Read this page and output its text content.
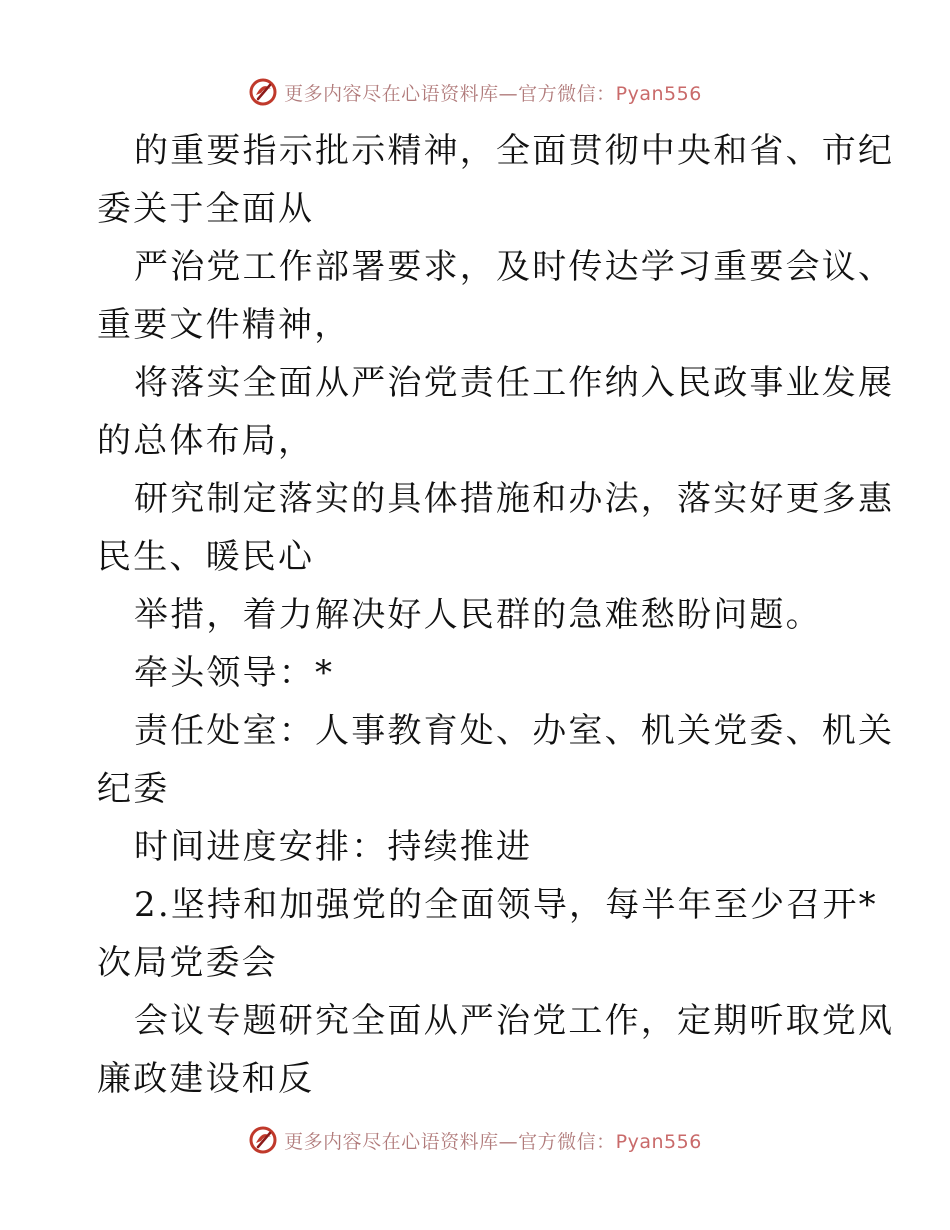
更多内容尽在心语资料库—官方微信：Pyan556
的重要指示批示精神，全面贯彻中央和省、市纪
委关于全面从
严治党工作部署要求，及时传达学习重要会议、
重要文件精神，
将落实全面从严治党责任工作纳入民政事业发展
的总体布局，
研究制定落实的具体措施和办法，落实好更多惠
民生、暖民心
举措，着力解决好人民群的急难愁盼问题。
牵头领导：*
责任处室：人事教育处、办室、机关党委、机关
纪委
时间进度安排：持续推进
2.坚持和加强党的全面领导，每半年至少召开*
次局党委会
会议专题研究全面从严治党工作，定期听取党风
廉政建设和反
更多内容尽在心语资料库—官方微信：Pyan556
